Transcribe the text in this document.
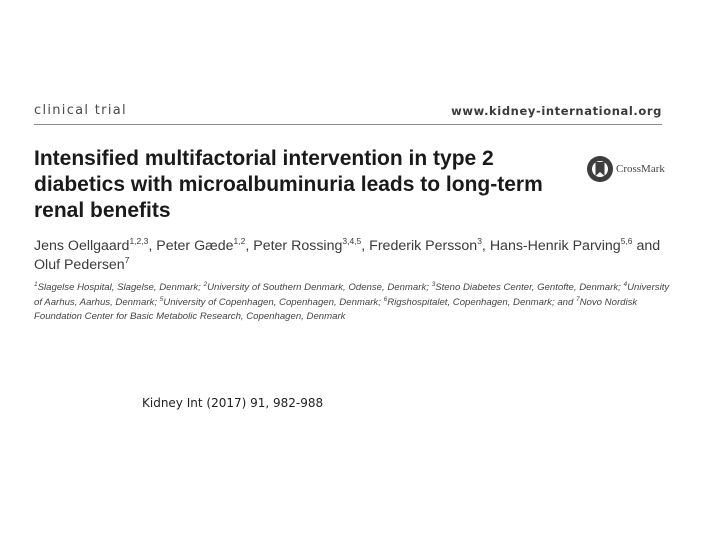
clinical trial	www.kidney-international.org
Intensified multifactorial intervention in type 2 diabetics with microalbuminuria leads to long-term renal benefits
CrossMark

Jens Oellgaard$^{1,2,3}$, Peter Gæde$^{1,2}$, Peter Rossing$^{3,4,5}$, Frederik Persson$^3$, Hans-Henrik Parving$^{5,6}$ and Oluf Pedersen$^7$

$^1$Slagelse Hospital, Slagelse, Denmark; $^2$University of Southern Denmark, Odense, Denmark; $^3$Steno Diabetes Center, Gentofte, Denmark; $^4$University of Aarhus, Aarhus, Denmark; $^5$University of Copenhagen, Copenhagen, Denmark; $^6$Rigshospitalet, Copenhagen, Denmark; and $^7$Novo Nordisk Foundation Center for Basic Metabolic Research, Copenhagen, Denmark

Kidney Int (2017) 91, 982-988
